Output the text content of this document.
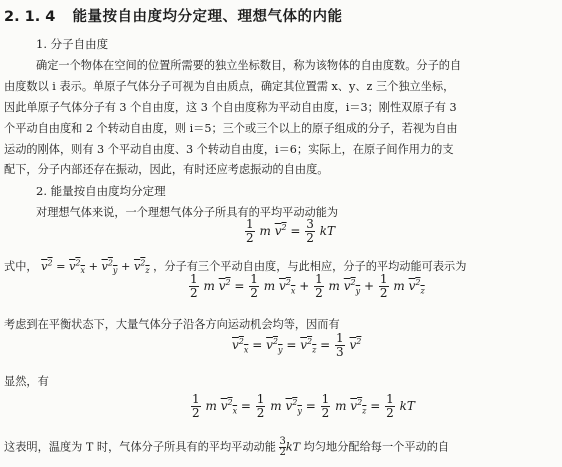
2. 1. 4 能量按自由度均分定理、理想气体的内能
1. 分子自由度
确定一个物体在空间的位置所需要的独立坐标数目，称为该物体的自由度数。分子的自
由度数以 i 表示。单原子气体分子可视为自由质点，确定其位置需 x、y、z 三个独立坐标，
因此单原子气体分子有 3 个自由度，这 3 个自由度称为平动自由度，i＝3；刚性双原子有 3
个平动自由度和 2 个转动自由度，则 i＝5；三个或三个以上的原子组成的分子，若视为自由
运动的刚体，则有 3 个平动自由度、3 个转动自由度，i＝6；实际上，在原子间作用力的支
配下，分子内部还存在振动，因此，有时还应考虑振动的自由度。
2. 能量按自由度均分定理
对理想气体来说，一个理想气体分子所具有的平均平动动能为
$\frac{1}{2}$ m $v^2 = \frac{3}{2}$ kT
式中， $v^2 = v^2_x + v^2_y + v^2_z$ ，分子有三个平动自由度，与此相应，分子的平均动能可表示为
$\frac{1}{2}$ m $v^2 = \frac{1}{2}$ m $v^2_x + \frac{1}{2}$ m $v^2_y + \frac{1}{2}$ m $v^2_z$
考虑到在平衡状态下，大量气体分子沿各方向运动机会均等，因而有
$v^2_x = v^2_y = v^2_z = \frac{1}{3} v^2$
显然，有
$\frac{1}{2}$ m $v^2_x = \frac{1}{2}$ m $v^2_y = \frac{1}{2}$ m $v^2_z = \frac{1}{2}$ kT
这表明，温度为 T 时，气体分子所具有的平均平动动能 $\frac{3}{2}$ kT 均匀地分配给每一个平动的自
